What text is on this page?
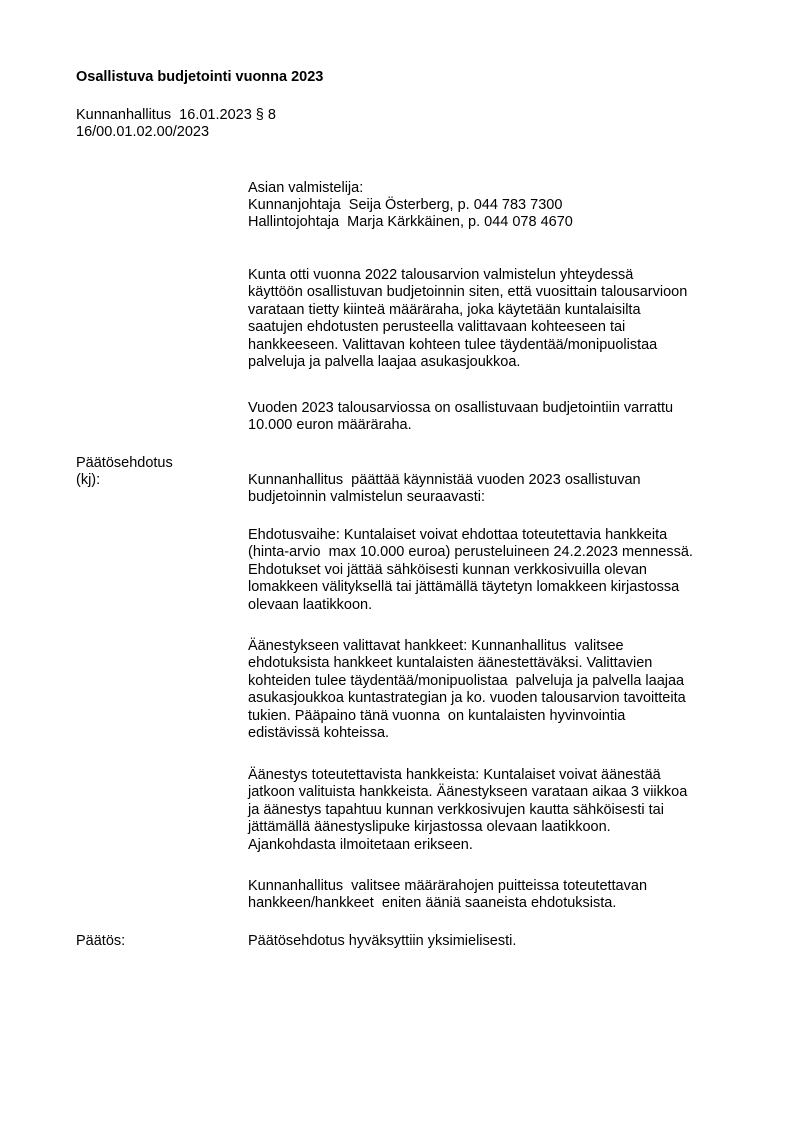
Osallistuva budjetointi vuonna 2023
Kunnanhallitus  16.01.2023 § 8
16/00.01.02.00/2023
Asian valmistelija:
Kunnanjohtaja  Seija Österberg, p. 044 783 7300
Hallintojohtaja  Marja Kärkkäinen, p. 044 078 4670
Kunta otti vuonna 2022 talousarvion valmistelun yhteydessä
käyttöön osallistuvan budjetoinnin siten, että vuosittain talousarvioon
varataan tietty kiinteä määräraha, joka käytetään kuntalaisilta
saatujen ehdotusten perusteella valittavaan kohteeseen tai
hankkeeseen. Valittavan kohteen tulee täydentää/monipuolistaa
palveluja ja palvella laajaa asukasjoukkoa.
Vuoden 2023 talousarviossa on osallistuvaan budjetointiin varrattu
10.000 euron määräraha.
Päätösehdotus
(kj):	Kunnanhallitus  päättää käynnistää vuoden 2023 osallistuvan
budjetoinnin valmistelun seuraavasti:
Ehdotusvaihe: Kuntalaiset voivat ehdottaa toteutettavia hankkeita
(hinta-arvio  max 10.000 euroa) perusteluineen 24.2.2023 mennessä.
Ehdotukset voi jättää sähköisesti kunnan verkkosivuilla olevan
lomakkeen välityksellä tai jättämällä täytetyn lomakkeen kirjastossa
olevaan laatikkoon.
Äänestykseen valittavat hankkeet: Kunnanhallitus  valitsee
ehdotuksista hankkeet kuntalaisten äänestettäväksi. Valittavien
kohteiden tulee täydentää/monipuolistaa  palveluja ja palvella laajaa
asukasjoukkoa kuntastrategian ja ko. vuoden talousarvion tavoitteita
tukien. Pääpaino tänä vuonna  on kuntalaisten hyvinvointia
edistävissä kohteissa.
Äänestys toteutettavista hankkeista: Kuntalaiset voivat äänestää
jatkoon valituista hankkeista. Äänestykseen varataan aikaa 3 viikkoa
ja äänestys tapahtuu kunnan verkkosivujen kautta sähköisesti tai
jättämällä äänestyslipuke kirjastossa olevaan laatikkoon.
Ajankohdasta ilmoitetaan erikseen.
Kunnanhallitus  valitsee määrärahojen puitteissa toteutettavan
hankkeen/hankkeet  eniten ääniä saaneista ehdotuksista.
Päätös:	Päätösehdotus hyväksyttiin yksimielisesti.
